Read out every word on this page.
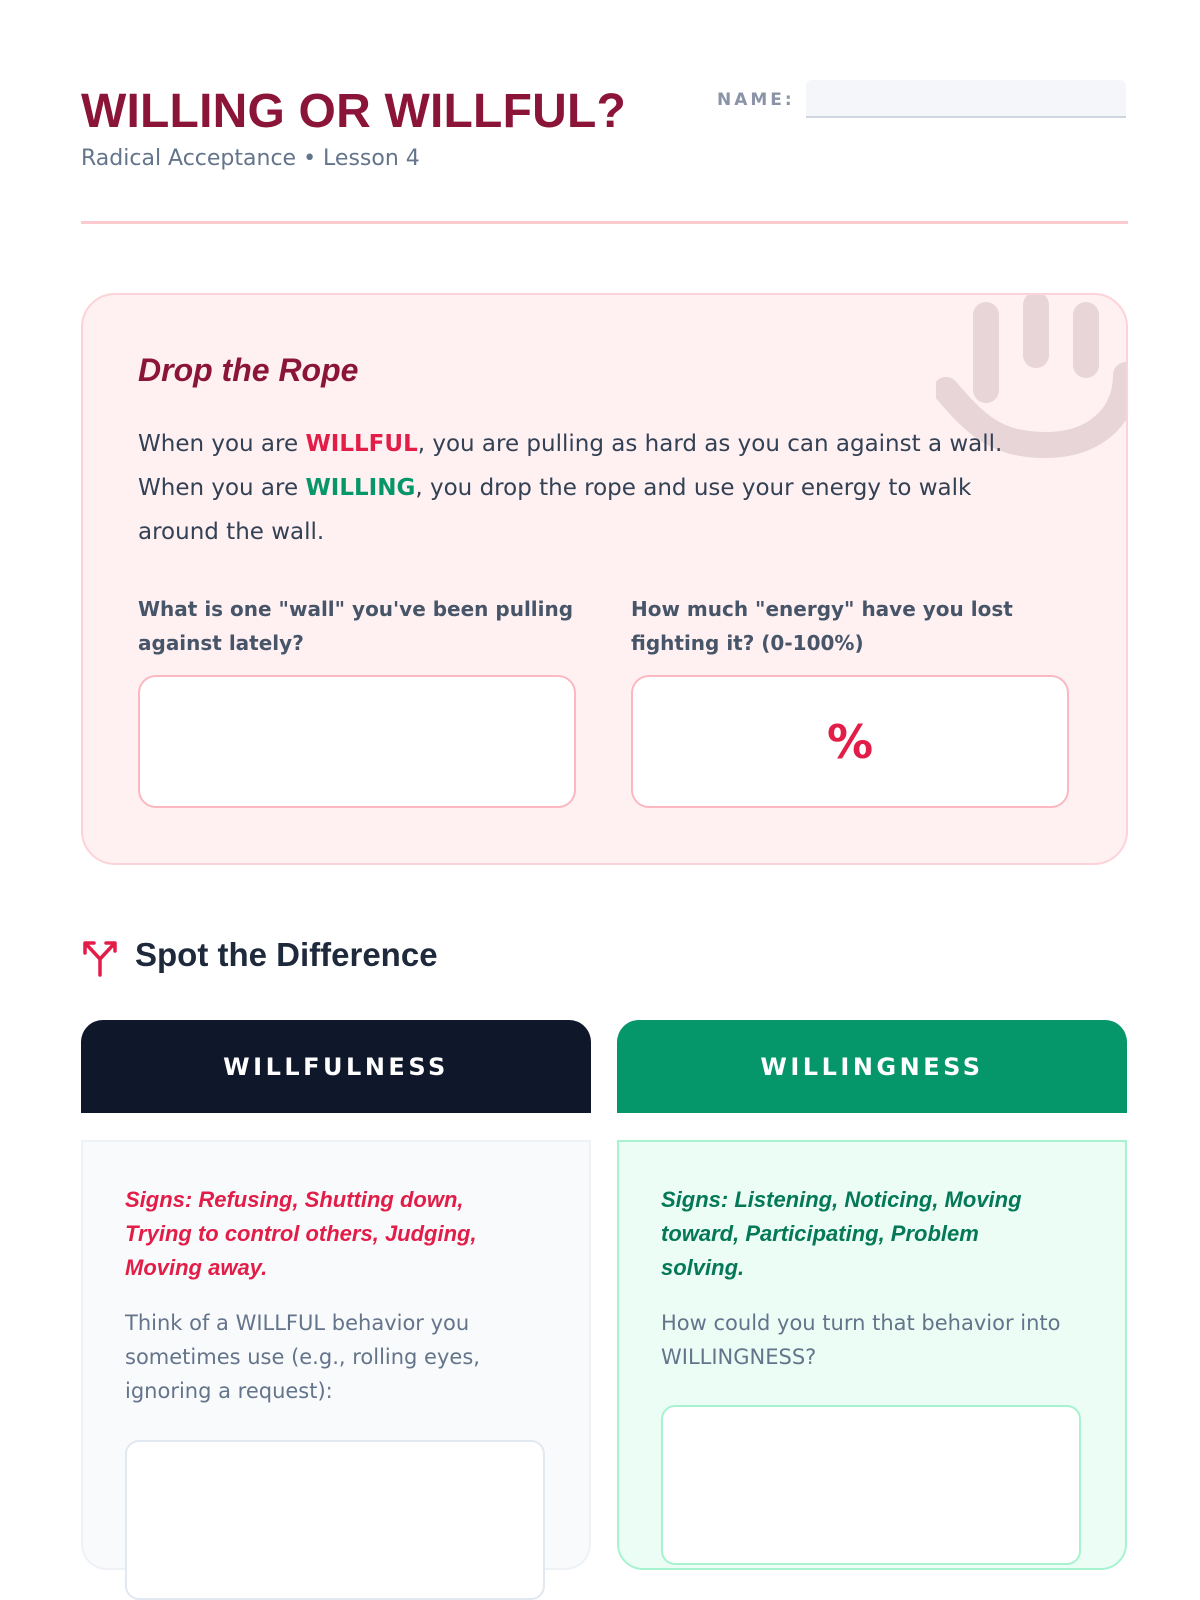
WILLING OR WILLFUL?
Radical Acceptance • Lesson 4
NAME:
Drop the Rope
When you are WILLFUL, you are pulling as hard as you can against a wall.
When you are WILLING, you drop the rope and use your energy to walk around the wall.
What is one "wall" you've been pulling against lately?
How much "energy" have you lost fighting it? (0-100%)
%
Spot the Difference
WILLFULNESS
Signs: Refusing, Shutting down, Trying to control others, Judging, Moving away.
Think of a WILLFUL behavior you sometimes use (e.g., rolling eyes, ignoring a request):
WILLINGNESS
Signs: Listening, Noticing, Moving toward, Participating, Problem solving.
How could you turn that behavior into WILLINGNESS?
